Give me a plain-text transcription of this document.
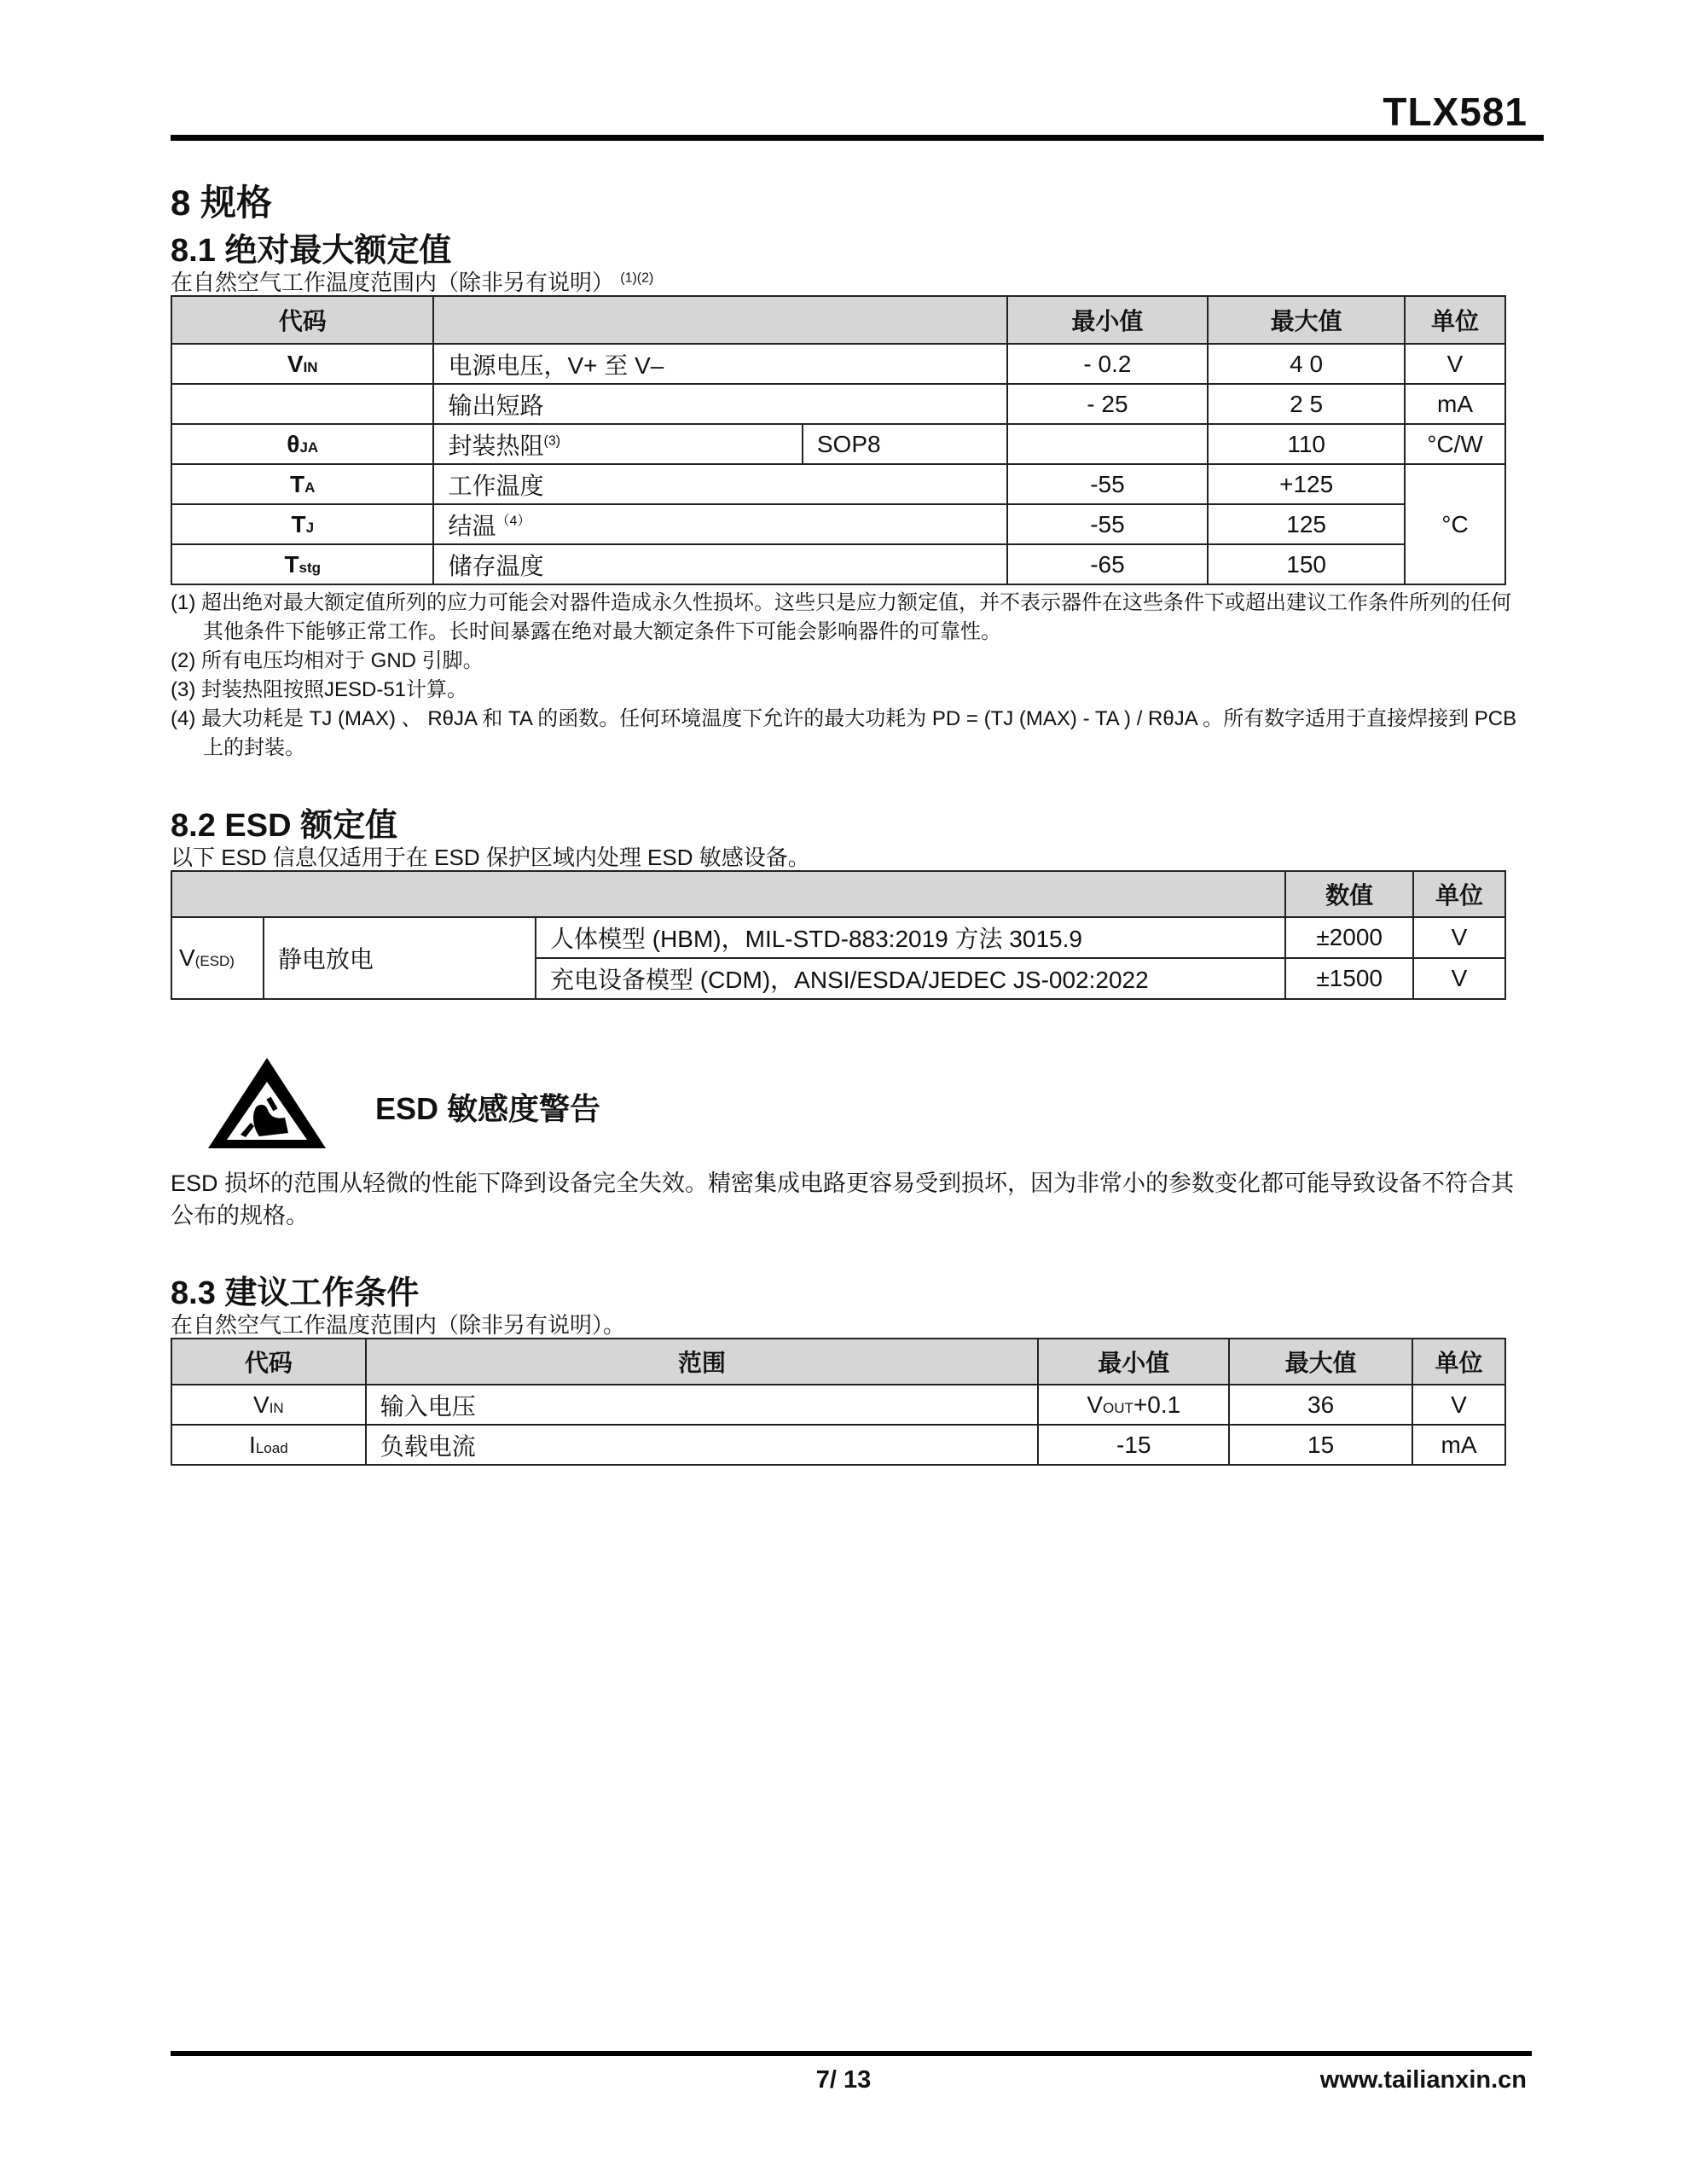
TLX581
8 规格
8.1 绝对最大额定值
在自然空气工作温度范围内（除非另有说明） $^{(1)(2)}$
代码			最小值	最大值	单位
VIN	电源电压，V+ 至 V–		- 0.2	4 0	V
	输出短路		- 25	2 5	mA
θJA	封装热阻$^{(3)}$	SOP8		110	°C/W
TA	工作温度		-55	+125	°C
TJ	结温$^{(4)}$		-55	125	
Tstg	储存温度		-65	150	
(1) 超出绝对最大额定值所列的应力可能会对器件造成永久性损坏。这些只是应力额定值，并不表示器件在这些条件下或超出建议工作条件所列的任何其他条件下能够正常工作。长时间暴露在绝对最大额定条件下可能会影响器件的可靠性。
(2) 所有电压均相对于 GND 引脚。
(3) 封装热阻按照JESD-51计算。
(4) 最大功耗是 TJ (MAX) 、 RθJA 和 TA 的函数。任何环境温度下允许的最大功耗为 PD = (TJ (MAX) - TA ) / RθJA 。所有数字适用于直接焊接到 PCB 上的封装。
8.2 ESD 额定值
以下 ESD 信息仅适用于在 ESD 保护区域内处理 ESD 敏感设备。
			数值	单位
V(ESD)	静电放电	人体模型 (HBM)，MIL-STD-883:2019 方法 3015.9	±2000	V
		充电设备模型 (CDM)，ANSI/ESDA/JEDEC JS-002:2022	±1500	V
ESD 敏感度警告
ESD 损坏的范围从轻微的性能下降到设备完全失效。精密集成电路更容易受到损坏，因为非常小的参数变化都可能导致设备不符合其公布的规格。
8.3 建议工作条件
在自然空气工作温度范围内（除非另有说明）。
代码	范围	最小值	最大值	单位
VIN	输入电压	VOUT+0.1	36	V
ILoad	负载电流	-15	15	mA
7/ 13	www.tailianxin.cn
